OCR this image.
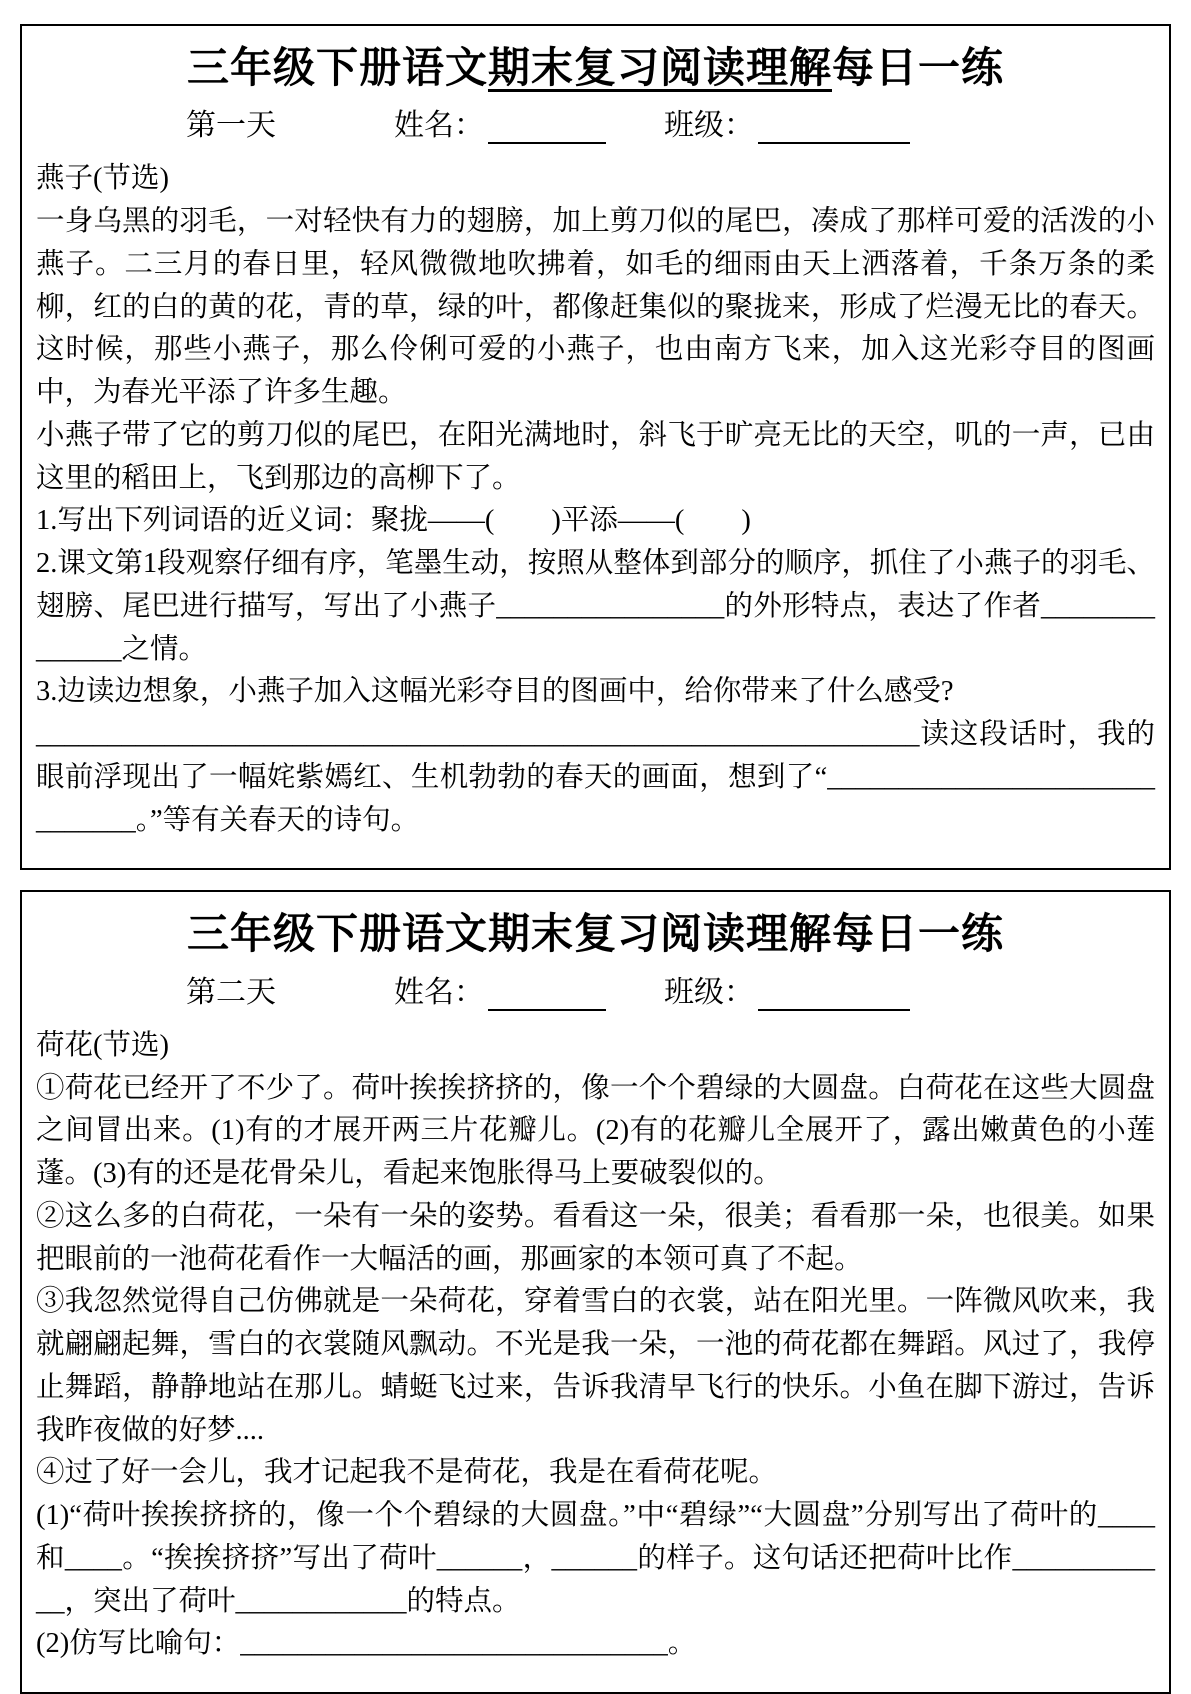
三年级下册语文期末复习阅读理解每日一练
第一天	姓名：	班级：

燕子(节选)

一身乌黑的羽毛，一对轻快有力的翅膀，加上剪刀似的尾巴，凑成了那样可爱的活泼的小燕子。二三月的春日里，轻风微微地吹拂着，如毛的细雨由天上洒落着，千条万条的柔柳，红的白的黄的花，青的草，绿的叶，都像赶集似的聚拢来，形成了烂漫无比的春天。这时候，那些小燕子，那么伶俐可爱的小燕子，也由南方飞来，加入这光彩夺目的图画中，为春光平添了许多生趣。

小燕子带了它的剪刀似的尾巴，在阳光满地时，斜飞于旷亮无比的天空，叽的一声，已由这里的稻田上，飞到那边的高柳下了。

1.写出下列词语的近义词：聚拢——(　　)平添——(　　)

2.课文第1段观察仔细有序，笔墨生动，按照从整体到部分的顺序，抓住了小燕子的羽毛、翅膀、尾巴进行描写，写出了小燕子________________的外形特点，表达了作者______________之情。

3.边读边想象，小燕子加入这幅光彩夺目的图画中，给你带来了什么感受?

______________________________________________________________读这段话时，我的眼前浮现出了一幅姹紫嫣红、生机勃勃的春天的画面，想到了“______________________________。”等有关春天的诗句。

三年级下册语文期末复习阅读理解每日一练
第二天	姓名：	班级：

荷花(节选)

①荷花已经开了不少了。荷叶挨挨挤挤的，像一个个碧绿的大圆盘。白荷花在这些大圆盘之间冒出来。(1)有的才展开两三片花瓣儿。(2)有的花瓣儿全展开了，露出嫩黄色的小莲蓬。(3)有的还是花骨朵儿，看起来饱胀得马上要破裂似的。

②这么多的白荷花，一朵有一朵的姿势。看看这一朵，很美；看看那一朵，也很美。如果把眼前的一池荷花看作一大幅活的画，那画家的本领可真了不起。

③我忽然觉得自己仿佛就是一朵荷花，穿着雪白的衣裳，站在阳光里。一阵微风吹来，我就翩翩起舞，雪白的衣裳随风飘动。不光是我一朵，一池的荷花都在舞蹈。风过了，我停止舞蹈，静静地站在那儿。蜻蜓飞过来，告诉我清早飞行的快乐。小鱼在脚下游过，告诉我昨夜做的好梦....

④过了好一会儿，我才记起我不是荷花，我是在看荷花呢。

(1)“荷叶挨挨挤挤的，像一个个碧绿的大圆盘。”中“碧绿”“大圆盘”分别写出了荷叶的____和____。“挨挨挤挤”写出了荷叶______，______的样子。这句话还把荷叶比作____________，突出了荷叶____________的特点。

(2)仿写比喻句：______________________________。
